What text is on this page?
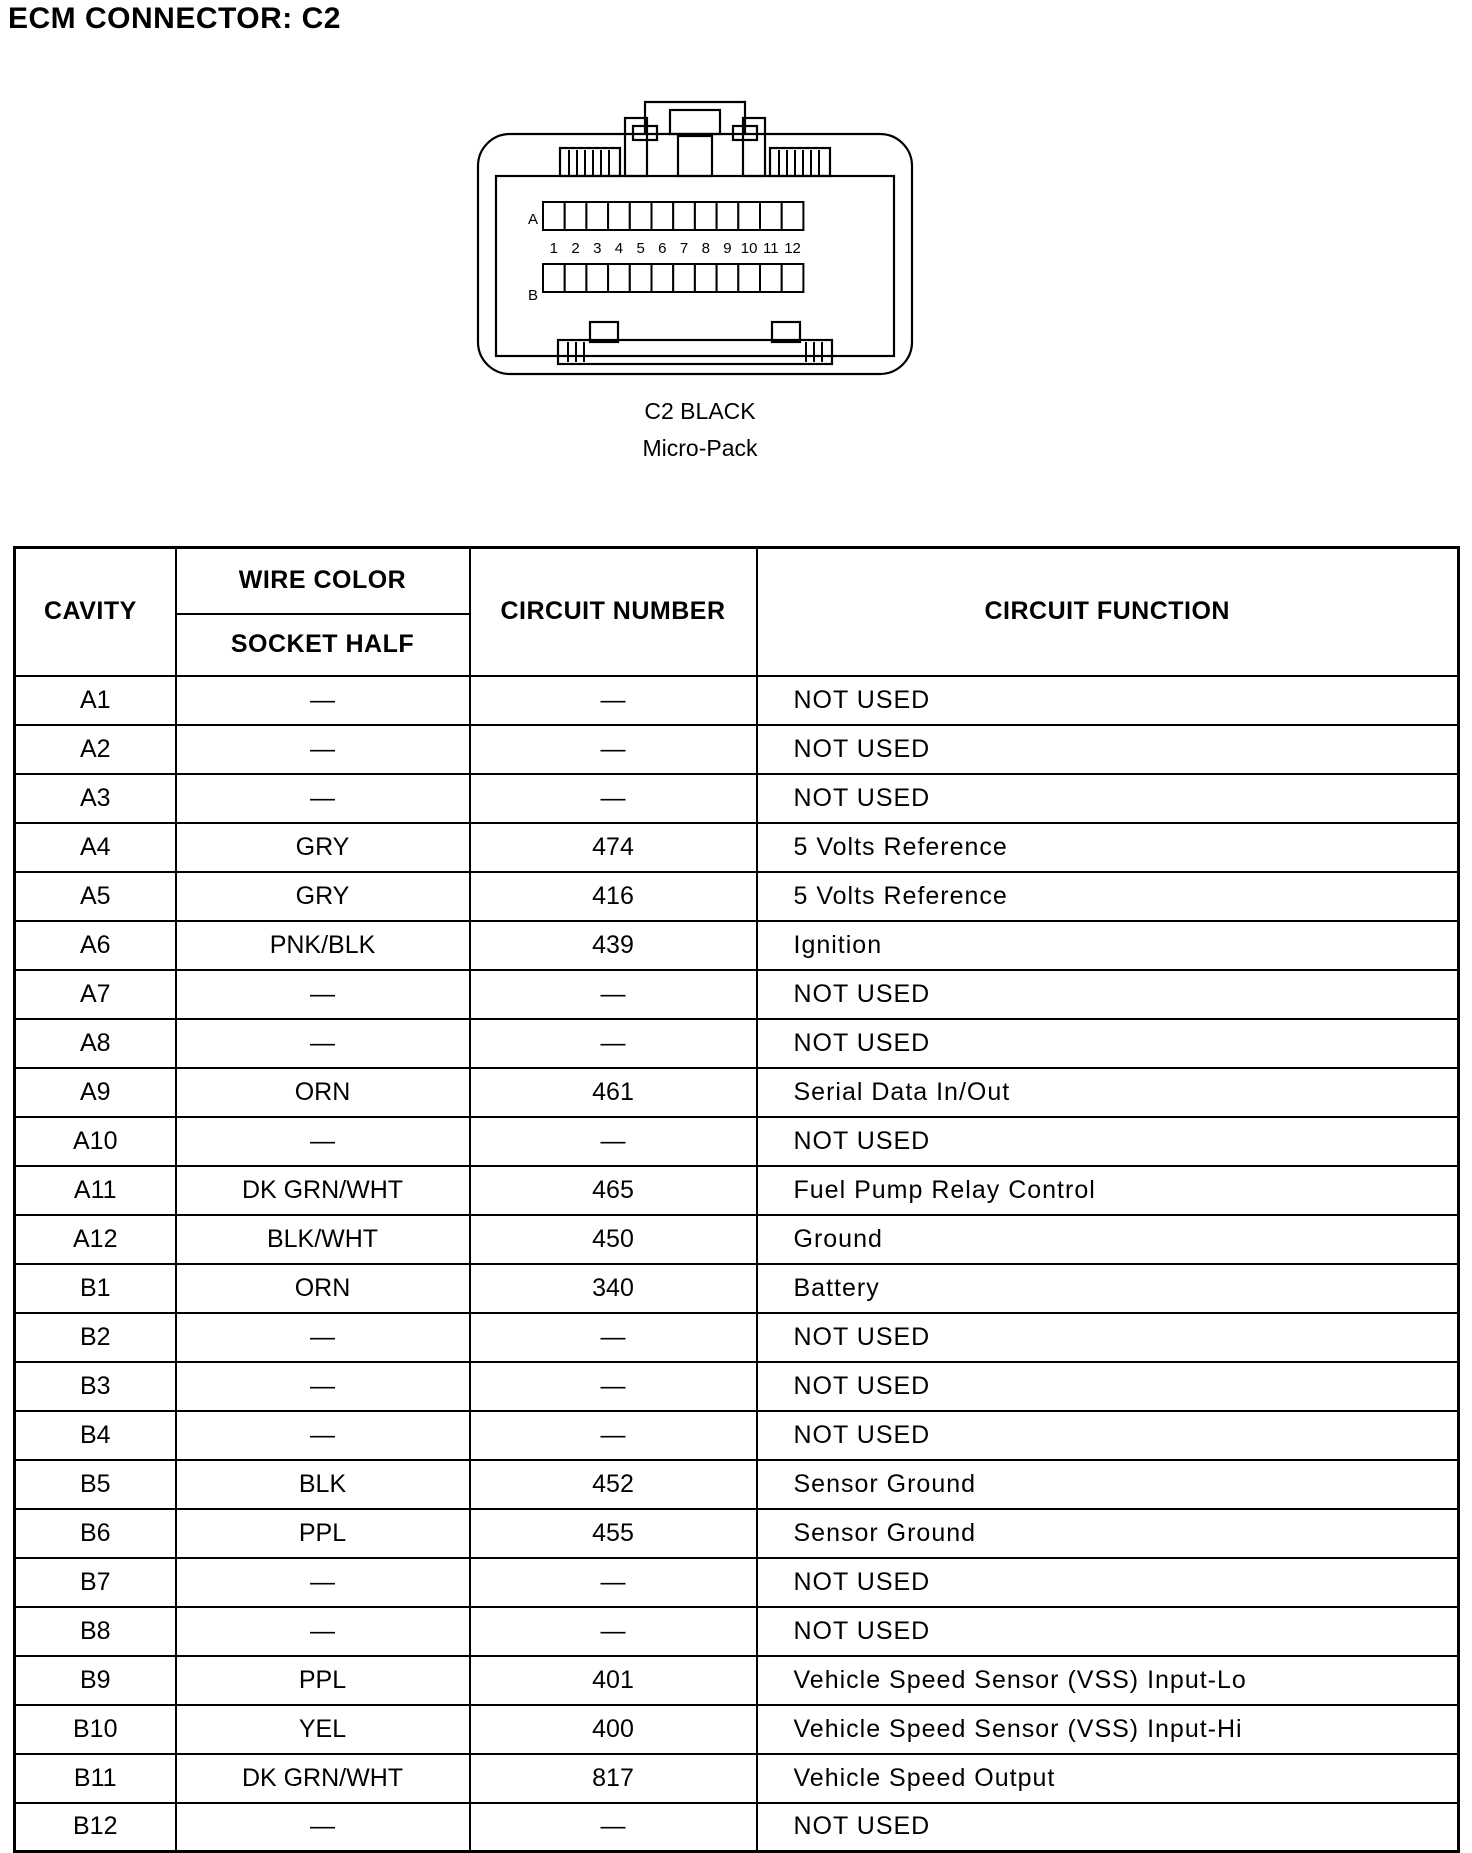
ECM CONNECTOR: C2
A
B
1 2 3 4 5 6 7 8 9 10 11 12
C2 BLACK
Micro-Pack
CAVITY	WIRE COLOR	CIRCUIT NUMBER	CIRCUIT FUNCTION
	SOCKET HALF		
A1	—	—	NOT USED
A2	—	—	NOT USED
A3	—	—	NOT USED
A4	GRY	474	5 Volts Reference
A5	GRY	416	5 Volts Reference
A6	PNK/BLK	439	Ignition
A7	—	—	NOT USED
A8	—	—	NOT USED
A9	ORN	461	Serial Data In/Out
A10	—	—	NOT USED
A11	DK GRN/WHT	465	Fuel Pump Relay Control
A12	BLK/WHT	450	Ground
B1	ORN	340	Battery
B2	—	—	NOT USED
B3	—	—	NOT USED
B4	—	—	NOT USED
B5	BLK	452	Sensor Ground
B6	PPL	455	Sensor Ground
B7	—	—	NOT USED
B8	—	—	NOT USED
B9	PPL	401	Vehicle Speed Sensor (VSS) Input-Lo
B10	YEL	400	Vehicle Speed Sensor (VSS) Input-Hi
B11	DK GRN/WHT	817	Vehicle Speed Output
B12	—	—	NOT USED
